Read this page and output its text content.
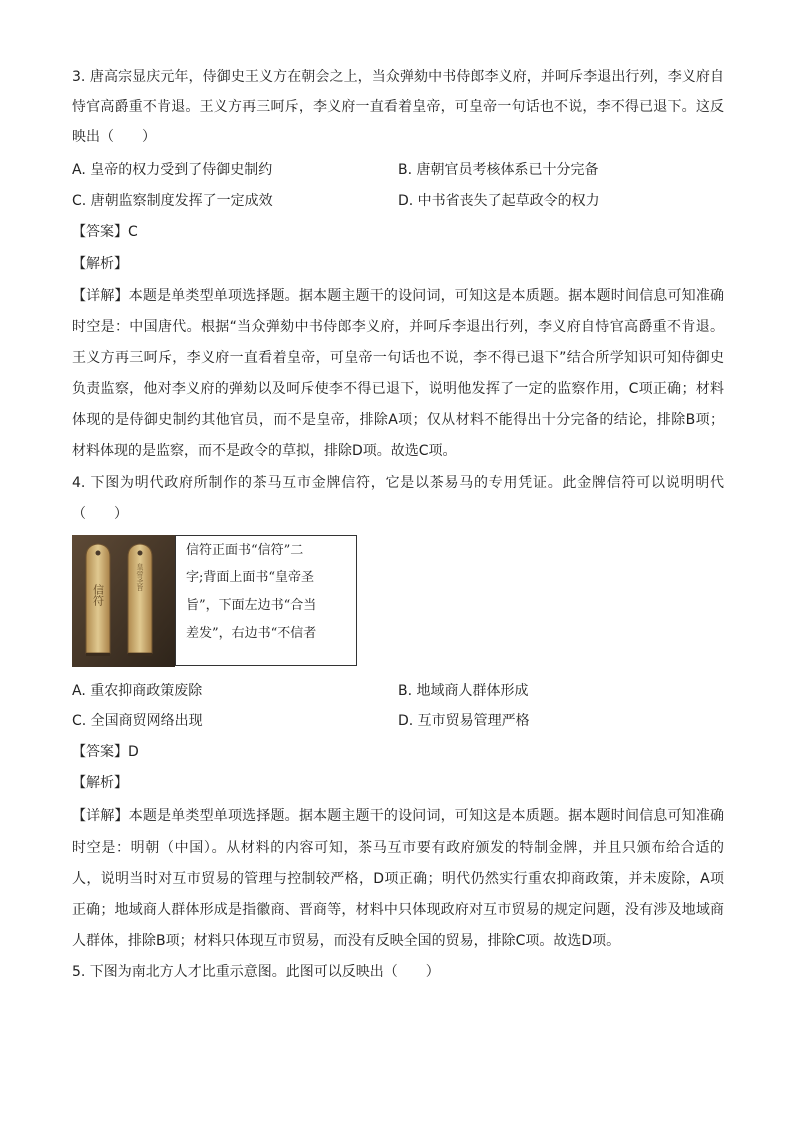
3. 唐高宗显庆元年，侍御史王义方在朝会之上，当众弹劾中书侍郎李义府，并呵斥李退出行列，李义府自
恃官高爵重不肯退。王义方再三呵斥，李义府一直看着皇帝，可皇帝一句话也不说，李不得已退下。这反
映出（　　）
A. 皇帝的权力受到了侍御史制约	B. 唐朝官员考核体系已十分完备
C. 唐朝监察制度发挥了一定成效	D. 中书省丧失了起草政令的权力
【答案】C
【解析】
【详解】本题是单类型单项选择题。据本题主题干的设问词，可知这是本质题。据本题时间信息可知准确
时空是：中国唐代。根据“当众弹劾中书侍郎李义府，并呵斥李退出行列，李义府自恃官高爵重不肯退。
王义方再三呵斥，李义府一直看着皇帝，可皇帝一句话也不说，李不得已退下”结合所学知识可知侍御史
负责监察，他对李义府的弹劾以及呵斥使李不得已退下，说明他发挥了一定的监察作用，C项正确；材料
体现的是侍御史制约其他官员，而不是皇帝，排除A项；仅从材料不能得出十分完备的结论，排除B项；
材料体现的是监察，而不是政令的草拟，排除D项。故选C项。
4. 下图为明代政府所制作的茶马互市金牌信符，它是以茶易马的专用凭证。此金牌信符可以说明明代
（　　）
信符
皇帝圣旨
信符正面书“信符”二
字;背面上面书“皇帝圣
旨”，下面左边书“合当
差发”，右边书“不信者
A. 重农抑商政策废除	B. 地域商人群体形成
C. 全国商贸网络出现	D. 互市贸易管理严格
【答案】D
【解析】
【详解】本题是单类型单项选择题。据本题主题干的设问词，可知这是本质题。据本题时间信息可知准确
时空是：明朝（中国）。从材料的内容可知，茶马互市要有政府颁发的特制金牌，并且只颁布给合适的
人，说明当时对互市贸易的管理与控制较严格，D项正确；明代仍然实行重农抑商政策，并未废除，A项
正确；地域商人群体形成是指徽商、晋商等，材料中只体现政府对互市贸易的规定问题，没有涉及地域商
人群体，排除B项；材料只体现互市贸易，而没有反映全国的贸易，排除C项。故选D项。
5. 下图为南北方人才比重示意图。此图可以反映出（　　）
